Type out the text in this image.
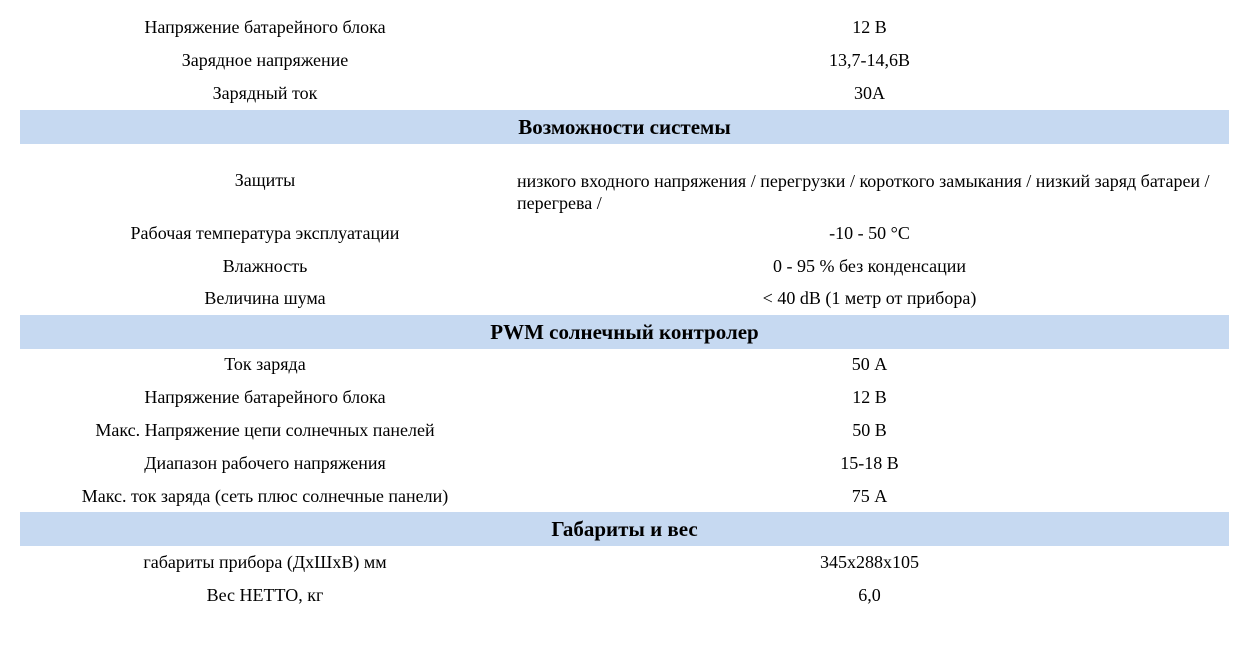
Напряжение батарейного блока	12 В
Зарядное напряжение	13,7-14,6В
Зарядный ток	30А
Возможности системы
Защиты	низкого входного напряжения / перегрузки / короткого замыкания / низкий заряд батареи / перегрева /
Рабочая температура эксплуатации	-10 - 50 °C
Влажность	0 - 95 % без конденсации
Величина шума	< 40 dB (1 метр от прибора)
PWM солнечный контролер
Ток заряда	50 А
Напряжение батарейного блока	12 В
Макс. Напряжение цепи солнечных панелей	50 В
Диапазон рабочего напряжения	15-18 В
Макс. ток заряда (сеть плюс солнечные панели)	75 А
Габариты и вес
габариты прибора (ДхШхВ) мм	345х288х105
Вес НЕТТО, кг	6,0
